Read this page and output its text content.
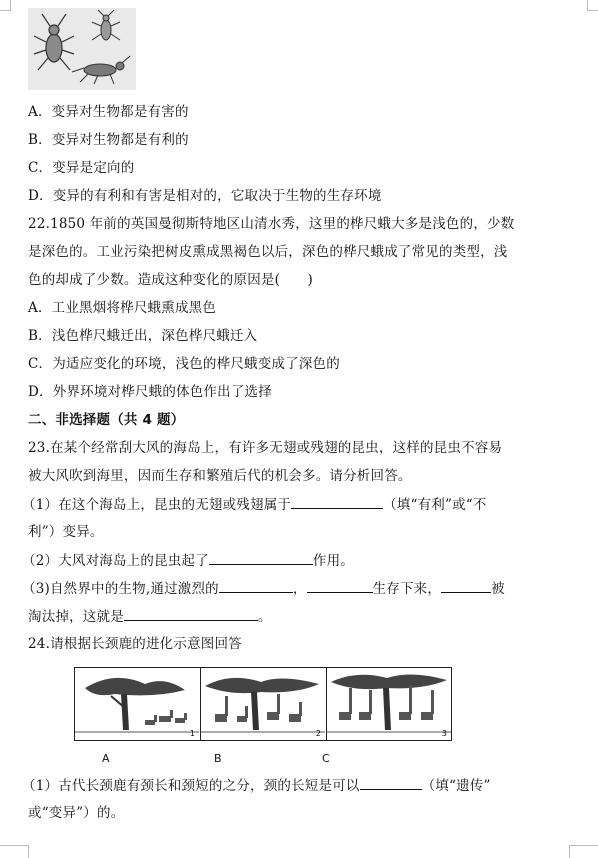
A．变异对生物都是有害的
B．变异对生物都是有利的
C．变异是定向的
D．变异的有利和有害是相对的，它取决于生物的生存环境
22.1850 年前的英国曼彻斯特地区山清水秀，这里的桦尺蛾大多是浅色的，少数
是深色的。工业污染把树皮熏成黑褐色以后，深色的桦尺蛾成了常见的类型，浅
色的却成了少数。造成这种变化的原因是(　　)
A．工业黑烟将桦尺蛾熏成黑色
B．浅色桦尺蛾迁出，深色桦尺蛾迁入
C．为适应变化的环境，浅色的桦尺蛾变成了深色的
D．外界环境对桦尺蛾的体色作出了选择
二、非选择题（共 4 题）
23.在某个经常刮大风的海岛上，有许多无翅或残翅的昆虫，这样的昆虫不容易
被大风吹到海里，因而生存和繁殖后代的机会多。请分析回答。
（1）在这个海岛上，昆虫的无翅或残翅属于	（填“有利”或“不
利”）变异。
（2）大风对海岛上的昆虫起了	作用。
（3)自然界中的生物,通过激烈的	，	生存下来，	被
淘汰掉，这就是	。
24.请根据长颈鹿的进化示意图回答
1	2	3
A	B	C
（1）古代长颈鹿有颈长和颈短的之分，颈的长短是可以	（填“遗传”
或“变异”）的。
